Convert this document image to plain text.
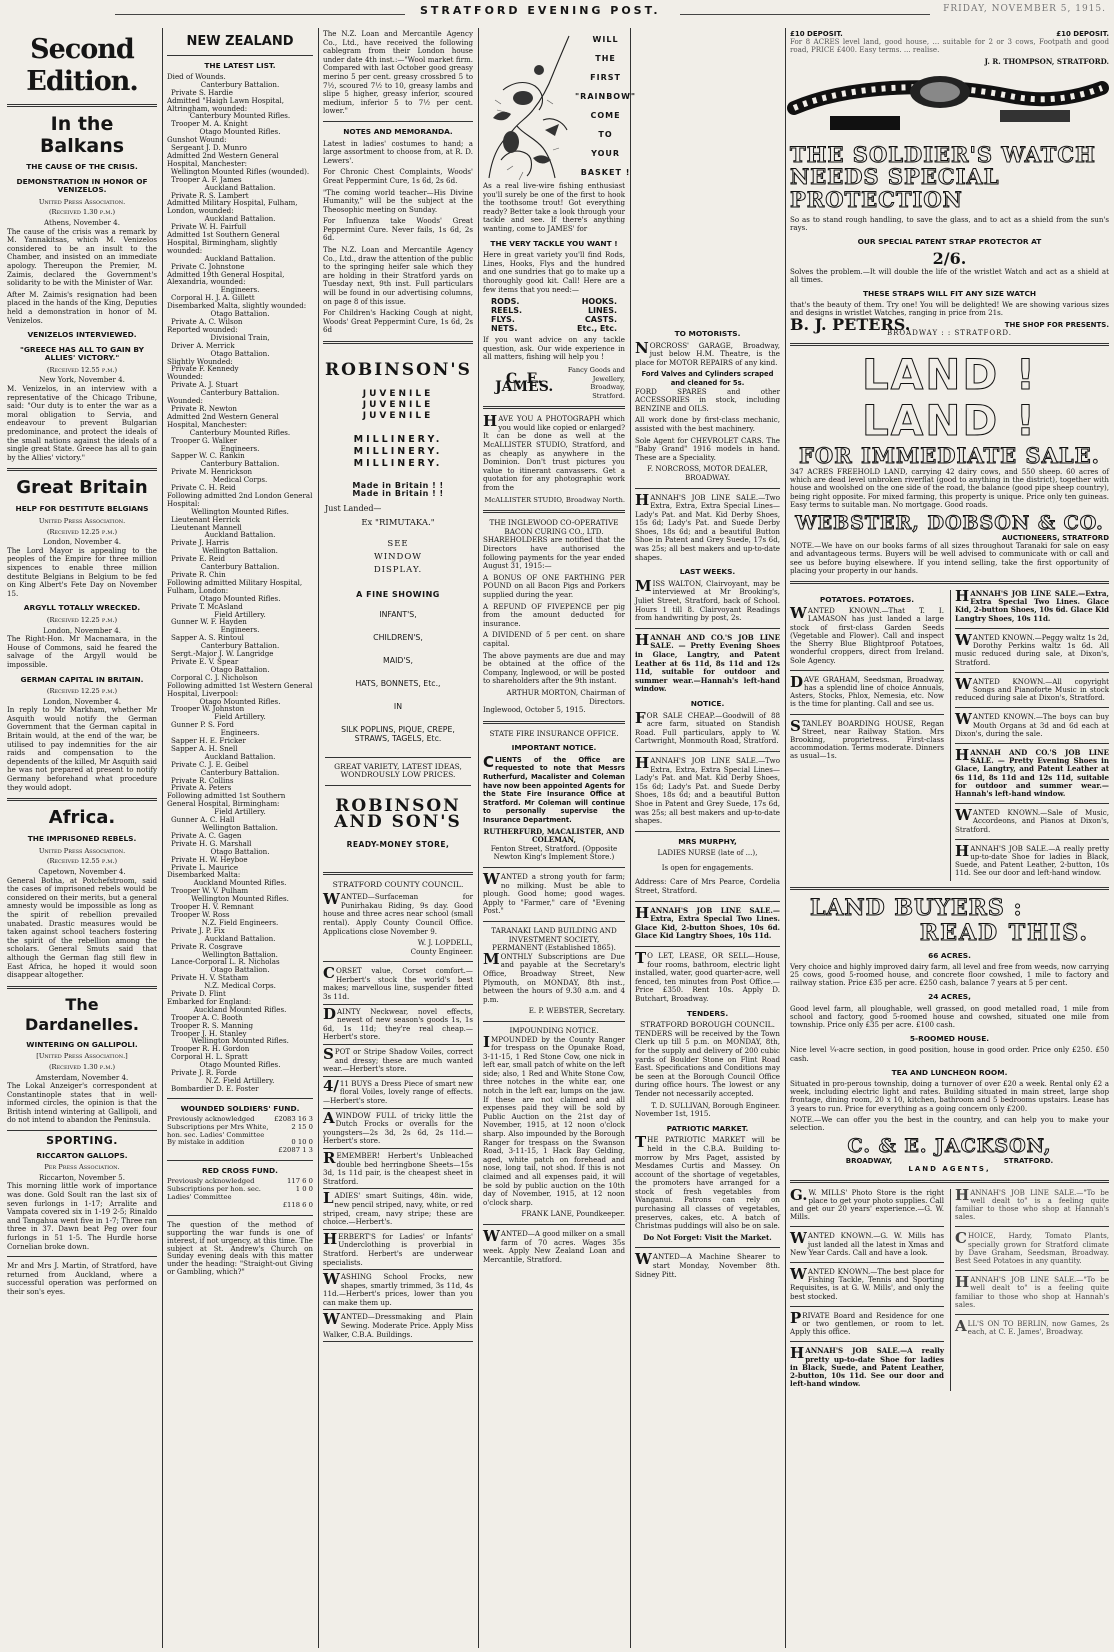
STRATFORD EVENING POST.	FRIDAY, NOVEMBER 5, 1915.
Second Edition.
In the Balkans
THE CAUSE OF THE CRISIS.
DEMONSTRATION IN HONOR OF VENIZELOS.
United Press Association.
(Received 1.30 p.m.)
Athens, November 4.

The cause of the crisis was a remark by M. Yannakitsas, which M. Venizelos considered to be an insult to the Chamber, and insisted on an immediate apology. Thereupon the Premier, M. Zaimis, declared the Government's solidarity to be with the Minister of War.

After M. Zaimis's resignation had been placed in the hands of the King, Deputies held a demonstration in honor of M. Venizelos.

VENIZELOS INTERVIEWED.
"GREECE HAS ALL TO GAIN BY ALLIES' VICTORY."
(Received 12.55 p.m.)
New York, November 4.

M. Venizelos, in an interview with a representative of the Chicago Tribune, said: "Our duty is to enter the war as a moral obligation to Servia, and endeavour to prevent Bulgarian predominance, and protect the ideals of the small nations against the ideals of a single great State. Greece has all to gain by the Allies' victory."

Great Britain
HELP FOR DESTITUTE BELGIANS
United Press Association.
(Received 12.25 p.m.)
London, November 4.

The Lord Mayor is appealing to the peoples of the Empire for three million sixpences to enable three million destitute Belgians in Belgium to be fed on King Albert's Fete Day on November 15.

ARGYLL TOTALLY WRECKED.
(Received 12.25 p.m.)
London, November 4.

The Right-Hon. Mr Macnamara, in the House of Commons, said he feared the salvage of the Argyll would be impossible.

GERMAN CAPITAL IN BRITAIN.
(Received 12.25 p.m.)
London, November 4.

In reply to Mr Markham, whether Mr Asquith would notify the German Government that the German capital in Britain would, at the end of the war, be utilised to pay indemnities for the air raids and compensation to the dependents of the killed, Mr Asquith said he was not prepared at present to notify Germany beforehand what procedure they would adopt.

Africa.
THE IMPRISONED REBELS.
United Press Association.
(Received 12.55 p.m.)
Capetown, November 4.

General Botha, at Potchefstroom, said the cases of imprisoned rebels would be considered on their merits, but a general amnesty would be impossible as long as the spirit of rebellion prevailed unabated. Drastic measures would be taken against school teachers fostering the spirit of the rebellion among the scholars. General Smuts said that although the German flag still flew in East Africa, he hoped it would soon disappear altogether.

The Dardanelles.
WINTERING ON GALLIPOLI.
[United Press Association.]
(Received 1.30 p.m.)
Amsterdam, November 4.

The Lokal Anzeiger's correspondent at Constantinople states that in well-informed circles, the opinion is that the British intend wintering at Gallipoli, and do not intend to abandon the Peninsula.

SPORTING.
RICCARTON GALLOPS.
Per Press Association.
Riccarton, November 5.

This morning little work of importance was done. Gold Soult ran the last six of seven furlongs in 1-17; Arralite and Vampata covered six in 1-19 2-5; Rinaldo and Tangahua went five in 1-7; Three ran three in 37. Dawn beat Peg over four furlongs in 51 1-5. The Hurdle horse Cornelian broke down.

Mr and Mrs J. Martin, of Stratford, have returned from Auckland, where a successful operation was performed on their son's eyes.

NEW ZEALAND
THE LATEST LIST.
Died of Wounds.
Canterbury Battalion.
Private S. Hardie
Admitted "Haigh Lawn Hospital, Altringham, wounded:
Canterbury Mounted Rifles.
Trooper M. A. Knight
Otago Mounted Rifles.
Gunshot Wound:
Sergeant J. D. Munro
Admitted 2nd Western General Hospital, Manchester:
Wellington Mounted Rifles (wounded).
Trooper A. F. James
Auckland Battalion.
Private R. S. Lambert
Admitted Military Hospital, Fulham, London, wounded:
Auckland Battalion.
Private W. H. Fairfull
Admitted 1st Southern General Hospital, Birmingham, slightly wounded:
Auckland Battalion.
Private C. Johnstone
Admitted 19th General Hospital, Alexandria, wounded:
Engineers.
Corporal H. J. A. Gillett
Disembarked Malta, slightly wounded:
Otago Battalion.
Private A. C. Wilson
Reported wounded:
Divisional Train,
Driver A. Merrick
Otago Battalion.
Slightly Wounded:
Private F. Kennedy
Wounded:
Private A. J. Stuart
Canterbury Battalion.
Wounded:
Private R. Newton
Admitted 2nd Western General Hospital, Manchester:
Canterbury Mounted Rifles.
Trooper G. Walker
Engineers.
Sapper W. C. Rankin
Canterbury Battalion.
Private M. Henrickson
Medical Corps.
Private C. H. Reid
Following admitted 2nd London General Hospital:
Wellington Mounted Rifles.
Lieutenant Herrick
Lieutenant Mannell
Auckland Battalion.
Private J. Harris
Wellington Battalion.
Private E. Reid
Canterbury Battalion.
Private R. Chin
Following admitted Military Hospital, Fulham, London:
Otago Mounted Rifles.
Private T. McAsland
Field Artillery.
Gunner W. F. Hayden
Engineers.
Sapper A. S. Rintoul
Canterbury Battalion.
Sergt.-Major J. W. Langridge
Private E. V. Spear
Otago Battalion.
Corporal C. J. Nicholson
Following admitted 1st Western General Hospital, Liverpool:
Otago Mounted Rifles.
Trooper W. Johnston
Field Artillery.
Gunner P. S. Ford
Engineers.
Sapper H. E. Fricker
Sapper A. H. Snell
Auckland Battalion.
Private C. J. E. Geibel
Canterbury Battalion.
Private R. Collins
Private A. Peters
Following admitted 1st Southern General Hospital, Birmingham:
Field Artillery.
Gunner A. C. Hall
Wellington Battalion.
Private A. C. Gagen
Private H. G. Marshall
Otago Battalion.
Private H. W. Heyboe
Private L. Maurice
Disembarked Malta:
Auckland Mounted Rifles.
Trooper W. V. Pulham
Wellington Mounted Rifles.
Trooper H. V. Remnant
Trooper W. Ross
N.Z. Field Engineers.
Private J. P. Fix
Auckland Battalion.
Private R. Cosgrave
Wellington Battalion.
Lance-Corporal L. R. Nicholas
Otago Battalion.
Private H. V. Statham
N.Z. Medical Corps.
Private D. Flint
Embarked for England:
Auckland Mounted Rifles.
Trooper A. C. Booth
Trooper R. S. Manning
Trooper J. H. Stanley
Wellington Mounted Rifles.
Trooper R. H. Gordon
Corporal H. L. Spratt
Otago Mounted Rifles.
Private J. R. Forde
N.Z. Field Artillery.
Bombardier D. E. Foster
WOUNDED SOLDIERS' FUND.
Previously acknowledged	£2083 16 3
Subscriptions per Mrs White, hon. sec. Ladies' Committee	2 15 0
By mistake in addition	0 10 0
	£2087 1 3
RED CROSS FUND.
Previously acknowledged	117 6 0
Subscriptions per hon. sec. Ladies' Committee	1 0 0
	£118 6 0

The question of the method of supporting the war funds is one of interest, if not urgency, at this time. The subject at St. Andrew's Church on Sunday evening deals with this matter under the heading: "Straight-out Giving or Gambling, which?"

The N.Z. Loan and Mercantile Agency Co., Ltd., have received the following cablegram from their London house under date 4th inst.:—"Wool market firm. Compared with last October good greasy merino 5 per cent. greasy crossbred 5 to 7½, scoured 7½ to 10, greasy lambs and slipe 5 higher, greasy inferior, scoured medium, inferior 5 to 7½ per cent. lower."

NOTES AND MEMORANDA.

Latest in ladies' costumes to hand; a large assortment to choose from, at R. D. Lewers'.

For Chronic Chest Complaints, Woods' Great Peppermint Cure, 1s 6d, 2s 6d.

"The coming world teacher—His Divine Humanity," will be the subject at the Theosophic meeting on Sunday.

For Influenza take Woods' Great Peppermint Cure. Never fails, 1s 6d, 2s 6d.

The N.Z. Loan and Mercantile Agency Co., Ltd., draw the attention of the public to the springing heifer sale which they are holding in their Stratford yards on Tuesday next, 9th inst. Full particulars will be found in our advertising columns, on page 8 of this issue.

For Children's Hacking Cough at night, Woods' Great Peppermint Cure, 1s 6d, 2s 6d

ROBINSON'S
JUVENILE
JUVENILE
JUVENILE
MILLINERY.
MILLINERY.
MILLINERY.
Made in Britain ! !
Made in Britain ! !
Just Landed—
Ex "RIMUTAKA."
SEE WINDOW DISPLAY.
A FINE SHOWING
INFANT'S,
CHILDREN'S,
MAID'S,
HATS, BONNETS, Etc.,
IN
SILK POPLINS, PIQUE, CREPE, STRAWS, TAGELS, Etc.
GREAT VARIETY, LATEST IDEAS, WONDROUSLY LOW PRICES.
ROBINSON
AND SON'S
READY-MONEY STORE,
STRATFORD COUNTY COUNCIL.

WANTED—Surfaceman for Punirhakau Riding, 9s day. Good house and three acres near school (small rental). Apply County Council Office. Applications close November 9.

W. J. LOPDELL,
County Engineer.

CORSET value, Corset comfort.—Herbert's stock the world's best makes; marvellous line, suspender fitted 3s 11d.

DAINTY Neckwear, novel effects, newest of new season's goods 1s, 1s 6d, 1s 11d; they're real cheap.—Herbert's store.

SPOT or Stripe Shadow Voiles, correct and dressy; these are much wanted wear.—Herbert's store.

4/11 BUYS a Dress Piece of smart new floral Voiles, lovely range of effects.—Herbert's store.

AWINDOW FULL of tricky little the Dutch Frocks or overalls for the youngsters—2s 3d, 2s 6d, 2s 11d.—Herbert's store.

REMEMBER! Herbert's Unbleached double bed herringbone Sheets—15s 3d, 1s 11d pair, is the cheapest sheet in Stratford.

LADIES' smart Suitings, 48in. wide, new pencil striped, navy, white, or red striped, cream, navy stripe; these are choice.—Herbert's.

HERBERT'S for Ladies' or Infants' Underclothing is proverbial in Stratford. Herbert's are underwear specialists.

WASHING School Frocks, new shapes, smartly trimmed, 3s 11d, 4s 11d.—Herbert's prices, lower than you can make them up.

WANTED—Dressmaking and Plain Sewing. Moderate Price. Apply Miss Walker, C.B.A. Buildings.

WILL
THE
FIRST
"RAINBOW"
COME
TO
YOUR
BASKET !

As a real live-wire fishing enthusiast you'll surely be one of the first to hook the toothsome trout! Got everything ready? Better take a look through your tackle and see. If there's anything wanting, come to JAMES' for

THE VERY TACKLE YOU WANT !

Here in great variety you'll find Rods, Lines, Hooks, Flys and the hundred and one sundries that go to make up a thoroughly good kit. Call! Here are a few items that you need:—

RODS.
REELS.
FLYS.
NETS.
HOOKS.
LINES.
CASTS.
Etc., Etc.

If you want advice on any tackle question, ask. Our wide experience in all matters, fishing will help you !

C. E. JAMES.
Fancy Goods and Jewellery, Broadway, Stratford.

HAVE YOU A PHOTOGRAPH which you would like copied or enlarged? It can be done as well at the McALLISTER STUDIO, Stratford, and as cheaply as anywhere in the Dominion. Don't trust pictures you value to itinerant canvassers. Get a quotation for any photographic work from the

McALLISTER STUDIO, Broadway North.
THE INGLEWOOD CO-OPERATIVE BACON CURING CO., LTD.

SHAREHOLDERS are notified that the Directors have authorised the following payments for the year ended August 31, 1915:—

A BONUS OF ONE FARTHING PER POUND on all Bacon Pigs and Porkers supplied during the year.

A REFUND OF FIVEPENCE per pig from the amount deducted for insurance.

A DIVIDEND of 5 per cent. on share capital.

The above payments are due and may be obtained at the office of the Company, Inglewood, or will be posted to shareholders after the 9th instant.

ARTHUR MORTON, Chairman of Directors.
Inglewood, October 5, 1915.
STATE FIRE INSURANCE OFFICE.
IMPORTANT NOTICE.

CLIENTS of the Office are requested to note that Messrs Rutherfurd, Macalister and Coleman have now been appointed Agents for the State Fire Insurance Office at Stratford. Mr Coleman will continue to personally supervise the Insurance Department.

RUTHERFURD, MACALISTER, AND COLEMAN,
Fenton Street, Stratford. (Opposite Newton King's Implement Store.)

WANTED a strong youth for farm; no milking. Must be able to plough. Good home; good wages. Apply to "Farmer," care of "Evening Post."

TARANAKI LAND BUILDING AND INVESTMENT SOCIETY, PERMANENT (Established 1865).

MONTHLY Subscriptions are Due and payable at the Secretary's Office, Broadway Street, New Plymouth, on MONDAY, 8th inst., between the hours of 9.30 a.m. and 4 p.m.

E. P. WEBSTER, Secretary.
IMPOUNDING NOTICE.

IMPOUNDED by the County Ranger for trespass on the Opunake Road, 3-11-15, 1 Red Stone Cow, one nick in left ear, small patch of white on the left side; also, 1 Red and White Stone Cow, three notches in the white ear, one notch in the left ear, lumps on the jaw. If these are not claimed and all expenses paid they will be sold by Public Auction on the 21st day of November, 1915, at 12 noon o'clock sharp. Also impounded by the Borough Ranger for trespass on the Swanson Road, 3-11-15, 1 Hack Bay Gelding, aged, white patch on forehead and nose, long tail, not shod. If this is not claimed and all expenses paid, it will be sold by public auction on the 10th day of November, 1915, at 12 noon o'clock sharp.

FRANK LANE, Poundkeeper.

WANTED—A good milker on a small farm of 70 acres. Wages 35s week. Apply New Zealand Loan and Mercantile, Stratford.

TO MOTORISTS.

NORCROSS' GARAGE, Broadway, just below H.M. Theatre, is the place for MOTOR REPAIRS of any kind.

Ford Valves and Cylinders scraped and cleaned for 5s.

FORD SPARES and other ACCESSORIES in stock, including BENZINE and OILS.

All work done by first-class mechanic, assisted with the best machinery.

Sole Agent for CHEVROLET CARS. The "Baby Grand" 1916 models in hand. These are a Speciality.

F. NORCROSS, MOTOR DEALER, BROADWAY.

HANNAH'S JOB LINE SALE.—Two Extra, Extra, Extra Special Lines—Lady's Pat. and Mat. Kid Derby Shoes, 15s 6d; Lady's Pat. and Suede Derby Shoes, 18s 6d; and a beautiful Button Shoe in Patent and Grey Suede, 17s 6d, was 25s; all best makers and up-to-date shapes.

LAST WEEKS.

MISS WALTON, Clairvoyant, may be interviewed at Mr Brooking's, Juliet Street, Stratford, back of School. Hours 1 till 8. Clairvoyant Readings from handwriting by post, 2s.

HANNAH AND CO.'S JOB LINE SALE. — Pretty Evening Shoes in Glace, Langtry, and Patent Leather at 6s 11d, 8s 11d and 12s 11d, suitable for outdoor and summer wear.—Hannah's left-hand window.

NOTICE.

FOR SALE CHEAP.—Goodwill of 88 acre farm, situated on Standish Road. Full particulars, apply to W. Cartwright, Monmouth Road, Stratford.

HANNAH'S JOB LINE SALE.—Two Extra, Extra, Extra Special Lines—Lady's Pat. and Mat. Kid Derby Shoes, 15s 6d; Lady's Pat. and Suede Derby Shoes, 18s 6d; and a beautiful Button Shoe in Patent and Grey Suede, 17s 6d, was 25s; all best makers and up-to-date shapes.

MRS MURPHY,
LADIES NURSE (late of ...),
Is open for engagements.

Address: Care of Mrs Pearce, Cordelia Street, Stratford.

HANNAH'S JOB LINE SALE.—Extra, Extra Special Two Lines. Glace Kid, 2-button Shoes, 10s 6d. Glace Kid Langtry Shoes, 10s 11d.

TO LET, LEASE, OR SELL—House, four rooms, bathroom, electric light installed, water, good quarter-acre, well fenced, ten minutes from Post Office.—Price £350. Rent 10s. Apply D. Butchart, Broadway.

TENDERS.
STRATFORD BOROUGH COUNCIL.

TENDERS will be received by the Town Clerk up till 5 p.m. on MONDAY, 8th, for the supply and delivery of 200 cubic yards of Boulder Stone on Flint Road East. Specifications and Conditions may be seen at the Borough Council Office during office hours. The lowest or any Tender not necessarily accepted.

T. D. SULLIVAN, Borough Engineer.
November 1st, 1915.
PATRIOTIC MARKET.

THE PATRIOTIC MARKET will be held in the C.B.A. Building to-morrow by Mrs Paget, assisted by Mesdames Curtis and Massey. On account of the shortage of vegetables, the promoters have arranged for a stock of fresh vegetables from Wanganui. Patrons can rely on purchasing all classes of vegetables, preserves, cakes, etc. A batch of Christmas puddings will also be on sale.

Do Not Forget: Visit the Market.

WANTED—A Machine Shearer to start Monday, November 8th. Sidney Pitt.

£10 DEPOSIT.	£10 DEPOSIT.

For 8 ACRES level land, good house, ... suitable for 2 or 3 cows, Footpath and good road, PRICE £400. Easy terms. ... realise.

J. R. THOMPSON, STRATFORD.
THE SOLDIER'S WATCH
NEEDS SPECIAL
PROTECTION

So as to stand rough handling, to save the glass, and to act as a shield from the sun's rays.

OUR SPECIAL PATENT STRAP PROTECTOR AT
2/6.

Solves the problem.—It will double the life of the wristlet Watch and act as a shield at all times.

THESE STRAPS WILL FIT ANY SIZE WATCH

that's the beauty of them. Try one! You will be delighted! We are showing various sizes and designs in wristlet Watches, ranging in price from 21s.

B. J. PETERS.	THE SHOP FOR PRESENTS.
BROADWAY : : STRATFORD.
LAND ! LAND !
FOR IMMEDIATE SALE.

347 ACRES FREEHOLD LAND, carrying 42 dairy cows, and 550 sheep. 60 acres of which are dead level unbroken riverflat (good to anything in the district), together with house and woolshed on the one side of the road, the balance (good pipe sheep country), being right opposite. For mixed farming, this property is unique. Price only ten guineas. Easy terms to suitable man. No mortgage. Good roads.

WEBSTER, DOBSON & CO.
AUCTIONEERS, STRATFORD

NOTE.—We have on our books farms of all sizes throughout Taranaki for sale on easy and advantageous terms. Buyers will be well advised to communicate with or call and see us before buying elsewhere. If you intend selling, take the first opportunity of placing your property in our hands.

POTATOES. POTATOES.

WANTED KNOWN.—That T. I. LAMASON has just landed a large stock of first-class Garden Seeds (Vegetable and Flower). Call and inspect the Sherry Blue Blightproof Potatoes, wonderful croppers, direct from Ireland. Sole Agency.

DAVE GRAHAM, Seedsman, Broadway, has a splendid line of choice Annuals, Asters, Stocks, Phlox, Nemesia, etc. Now is the time for planting. Call and see us.

STANLEY BOARDING HOUSE, Regan Street, near Railway Station. Mrs Brooking, proprietress. First-class accommodation. Terms moderate. Dinners as usual—1s.

HANNAH'S JOB LINE SALE.—Extra, Extra Special Two Lines. Glace Kid, 2-button Shoes, 10s 6d. Glace Kid Langtry Shoes, 10s 11d.

WANTED KNOWN.—Peggy waltz 1s 2d, Dorothy Perkins waltz 1s 6d. All music reduced during sale, at Dixon's, Stratford.

WANTED KNOWN.—All copyright Songs and Pianoforte Music in stock reduced during sale at Dixon's, Stratford.

WANTED KNOWN.—The boys can buy Mouth Organs at 3d and 6d each at Dixon's, during the sale.

HANNAH AND CO.'S JOB LINE SALE. — Pretty Evening Shoes in Glace, Langtry, and Patent Leather at 6s 11d, 8s 11d and 12s 11d, suitable for outdoor and summer wear.—Hannah's left-hand window.

WANTED KNOWN.—Sale of Music, Accordeons, and Pianos at Dixon's, Stratford.

HANNAH'S JOB SALE.—A really pretty up-to-date Shoe for ladies in Black, Suede, and Patent Leather, 2-button, 10s 11d. See our door and left-hand window.

LAND BUYERS :
READ THIS.
66 ACRES.

Very choice and highly improved dairy farm, all level and free from weeds, now carrying 25 cows, good 5-roomed house, and concrete floor cowshed, 1 mile to factory and railway station. Price £35 per acre. £250 cash, balance 7 years at 5 per cent.

24 ACRES,

Good level farm, all ploughable, well grassed, on good metalled road, 1 mile from school and factory, good 5-roomed house and cowshed, situated one mile from township. Price only £35 per acre. £100 cash.

5-ROOMED HOUSE.

Nice level ¼-acre section, in good position, house in good order. Price only £250. £50 cash.

TEA AND LUNCHEON ROOM.

Situated in pro-perous township, doing a turnover of over £20 a week. Rental only £2 a week, including electric light and rates. Building situated in main street, large shop frontage, dining room, 20 x 10, kitchen, bathroom and 5 bedrooms upstairs. Lease has 3 years to run. Price for everything as a going concern only £200.

NOTE.—We can offer you the best in the country, and can help you to make your selection.

C. & E. JACKSON,
BROADWAY,	STRATFORD.
LAND AGENTS,

G.W. MILLS' Photo Store is the right place to get your photo supplies. Call and get our 20 years' experience.—G. W. Mills.

WANTED KNOWN.—G. W. Mills has just landed all the latest in Xmas and New Year Cards. Call and have a look.

WANTED KNOWN.—The best place for Fishing Tackle, Tennis and Sporting Requisites, is at G. W. Mills', and only the best stocked.

PRIVATE Board and Residence for one or two gentlemen, or room to let. Apply this office.

HANNAH'S JOB SALE.—A really pretty up-to-date Shoe for ladies in Black, Suede, and Patent Leather, 2-button, 10s 11d. See our door and left-hand window.

HANNAH'S JOB LINE SALE.—"To be well dealt to" is a feeling quite familiar to those who shop at Hannah's sales.

CHOICE, Hardy, Tomato Plants, specially grown for Stratford climate by Dave Graham, Seedsman, Broadway. Best Seed Potatoes in any quantity.

HANNAH'S JOB LINE SALE.—"To be well dealt to" is a feeling quite familiar to those who shop at Hannah's sales.

ALL'S ON TO BERLIN, now Games, 2s each, at C. E. James', Broadway.
